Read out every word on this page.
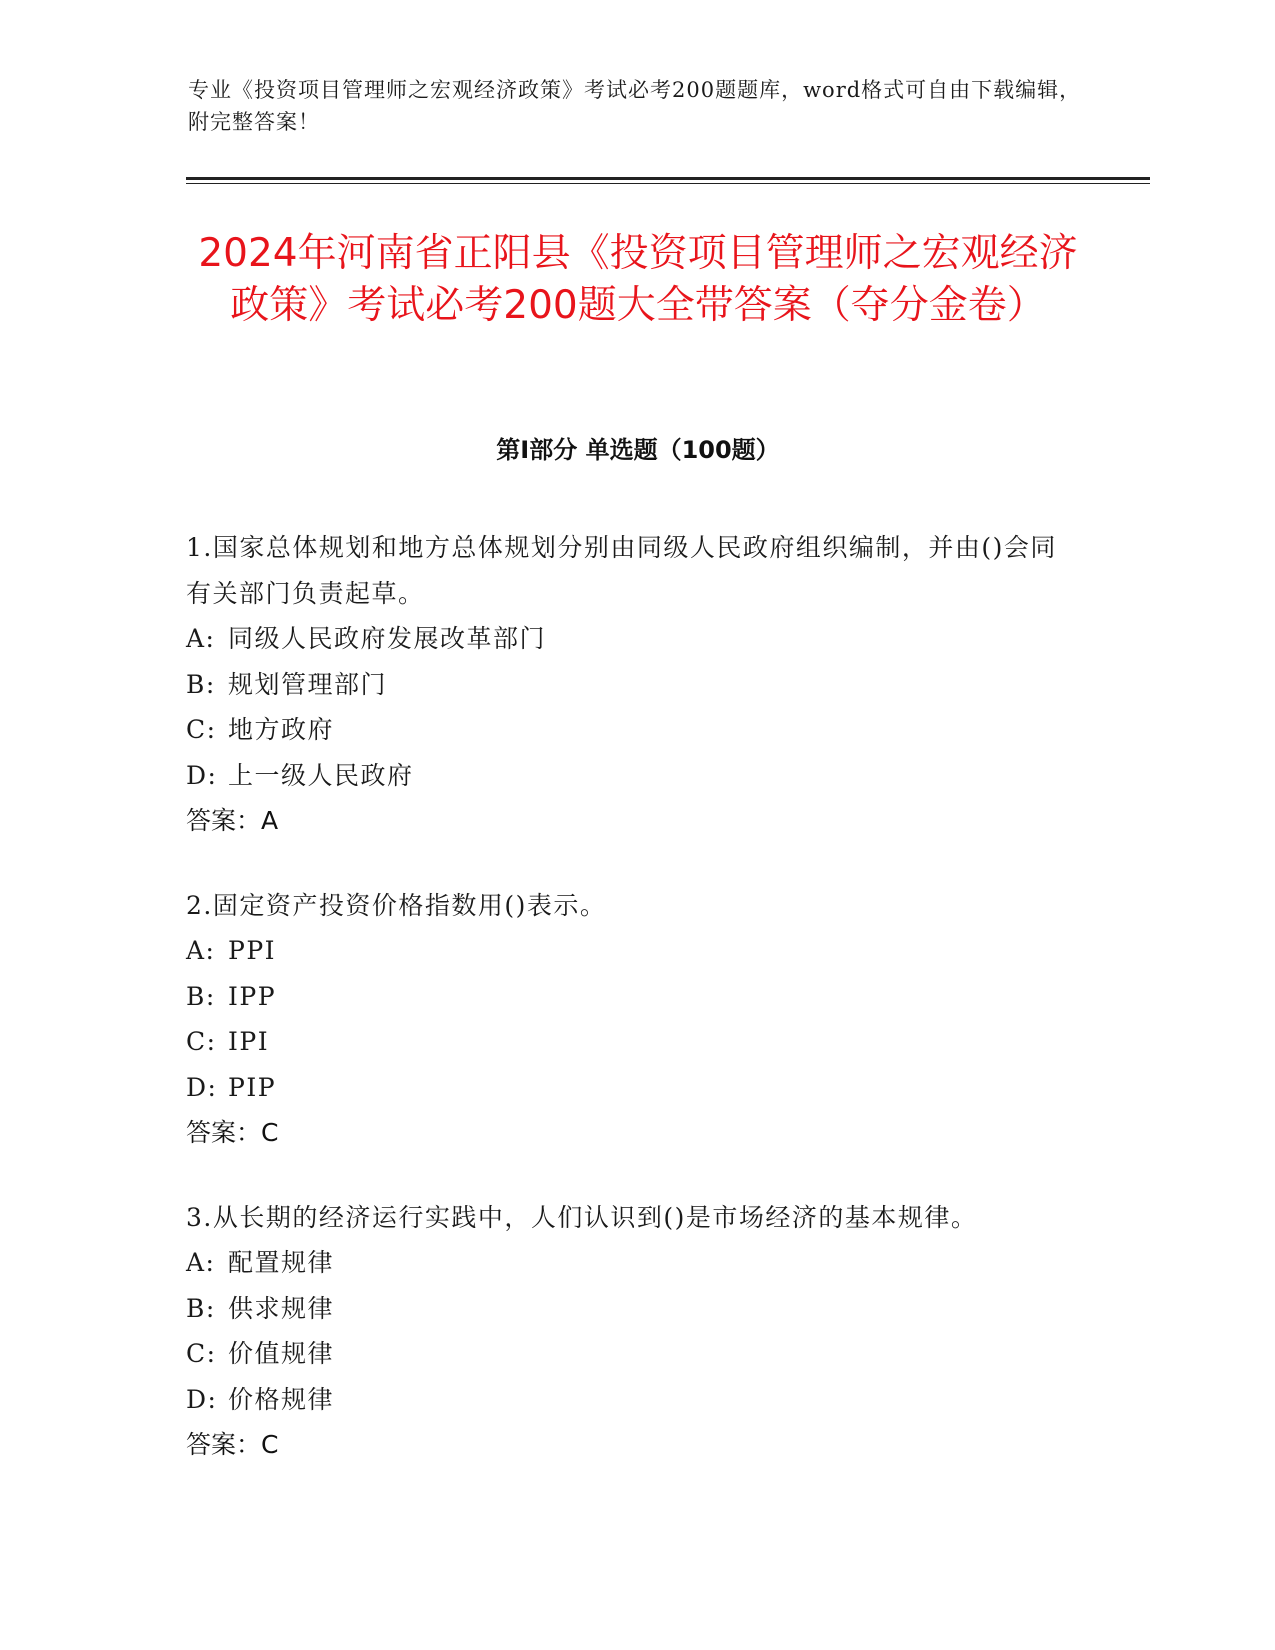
专业《投资项目管理师之宏观经济政策》考试必考200题题库，word格式可自由下载编辑，附完整答案！
2024年河南省正阳县《投资项目管理师之宏观经济政策》考试必考200题大全带答案（夺分金卷）
第I部分 单选题（100题）

1.国家总体规划和地方总体规划分别由同级人民政府组织编制，并由()会同有关部门负责起草。

A: 同级人民政府发展改革部门

B: 规划管理部门

C: 地方政府

D: 上一级人民政府

答案：A

2.固定资产投资价格指数用()表示。

A: PPI

B: IPP

C: IPI

D: PIP

答案：C

3.从长期的经济运行实践中，人们认识到()是市场经济的基本规律。

A: 配置规律

B: 供求规律

C: 价值规律

D: 价格规律

答案：C
